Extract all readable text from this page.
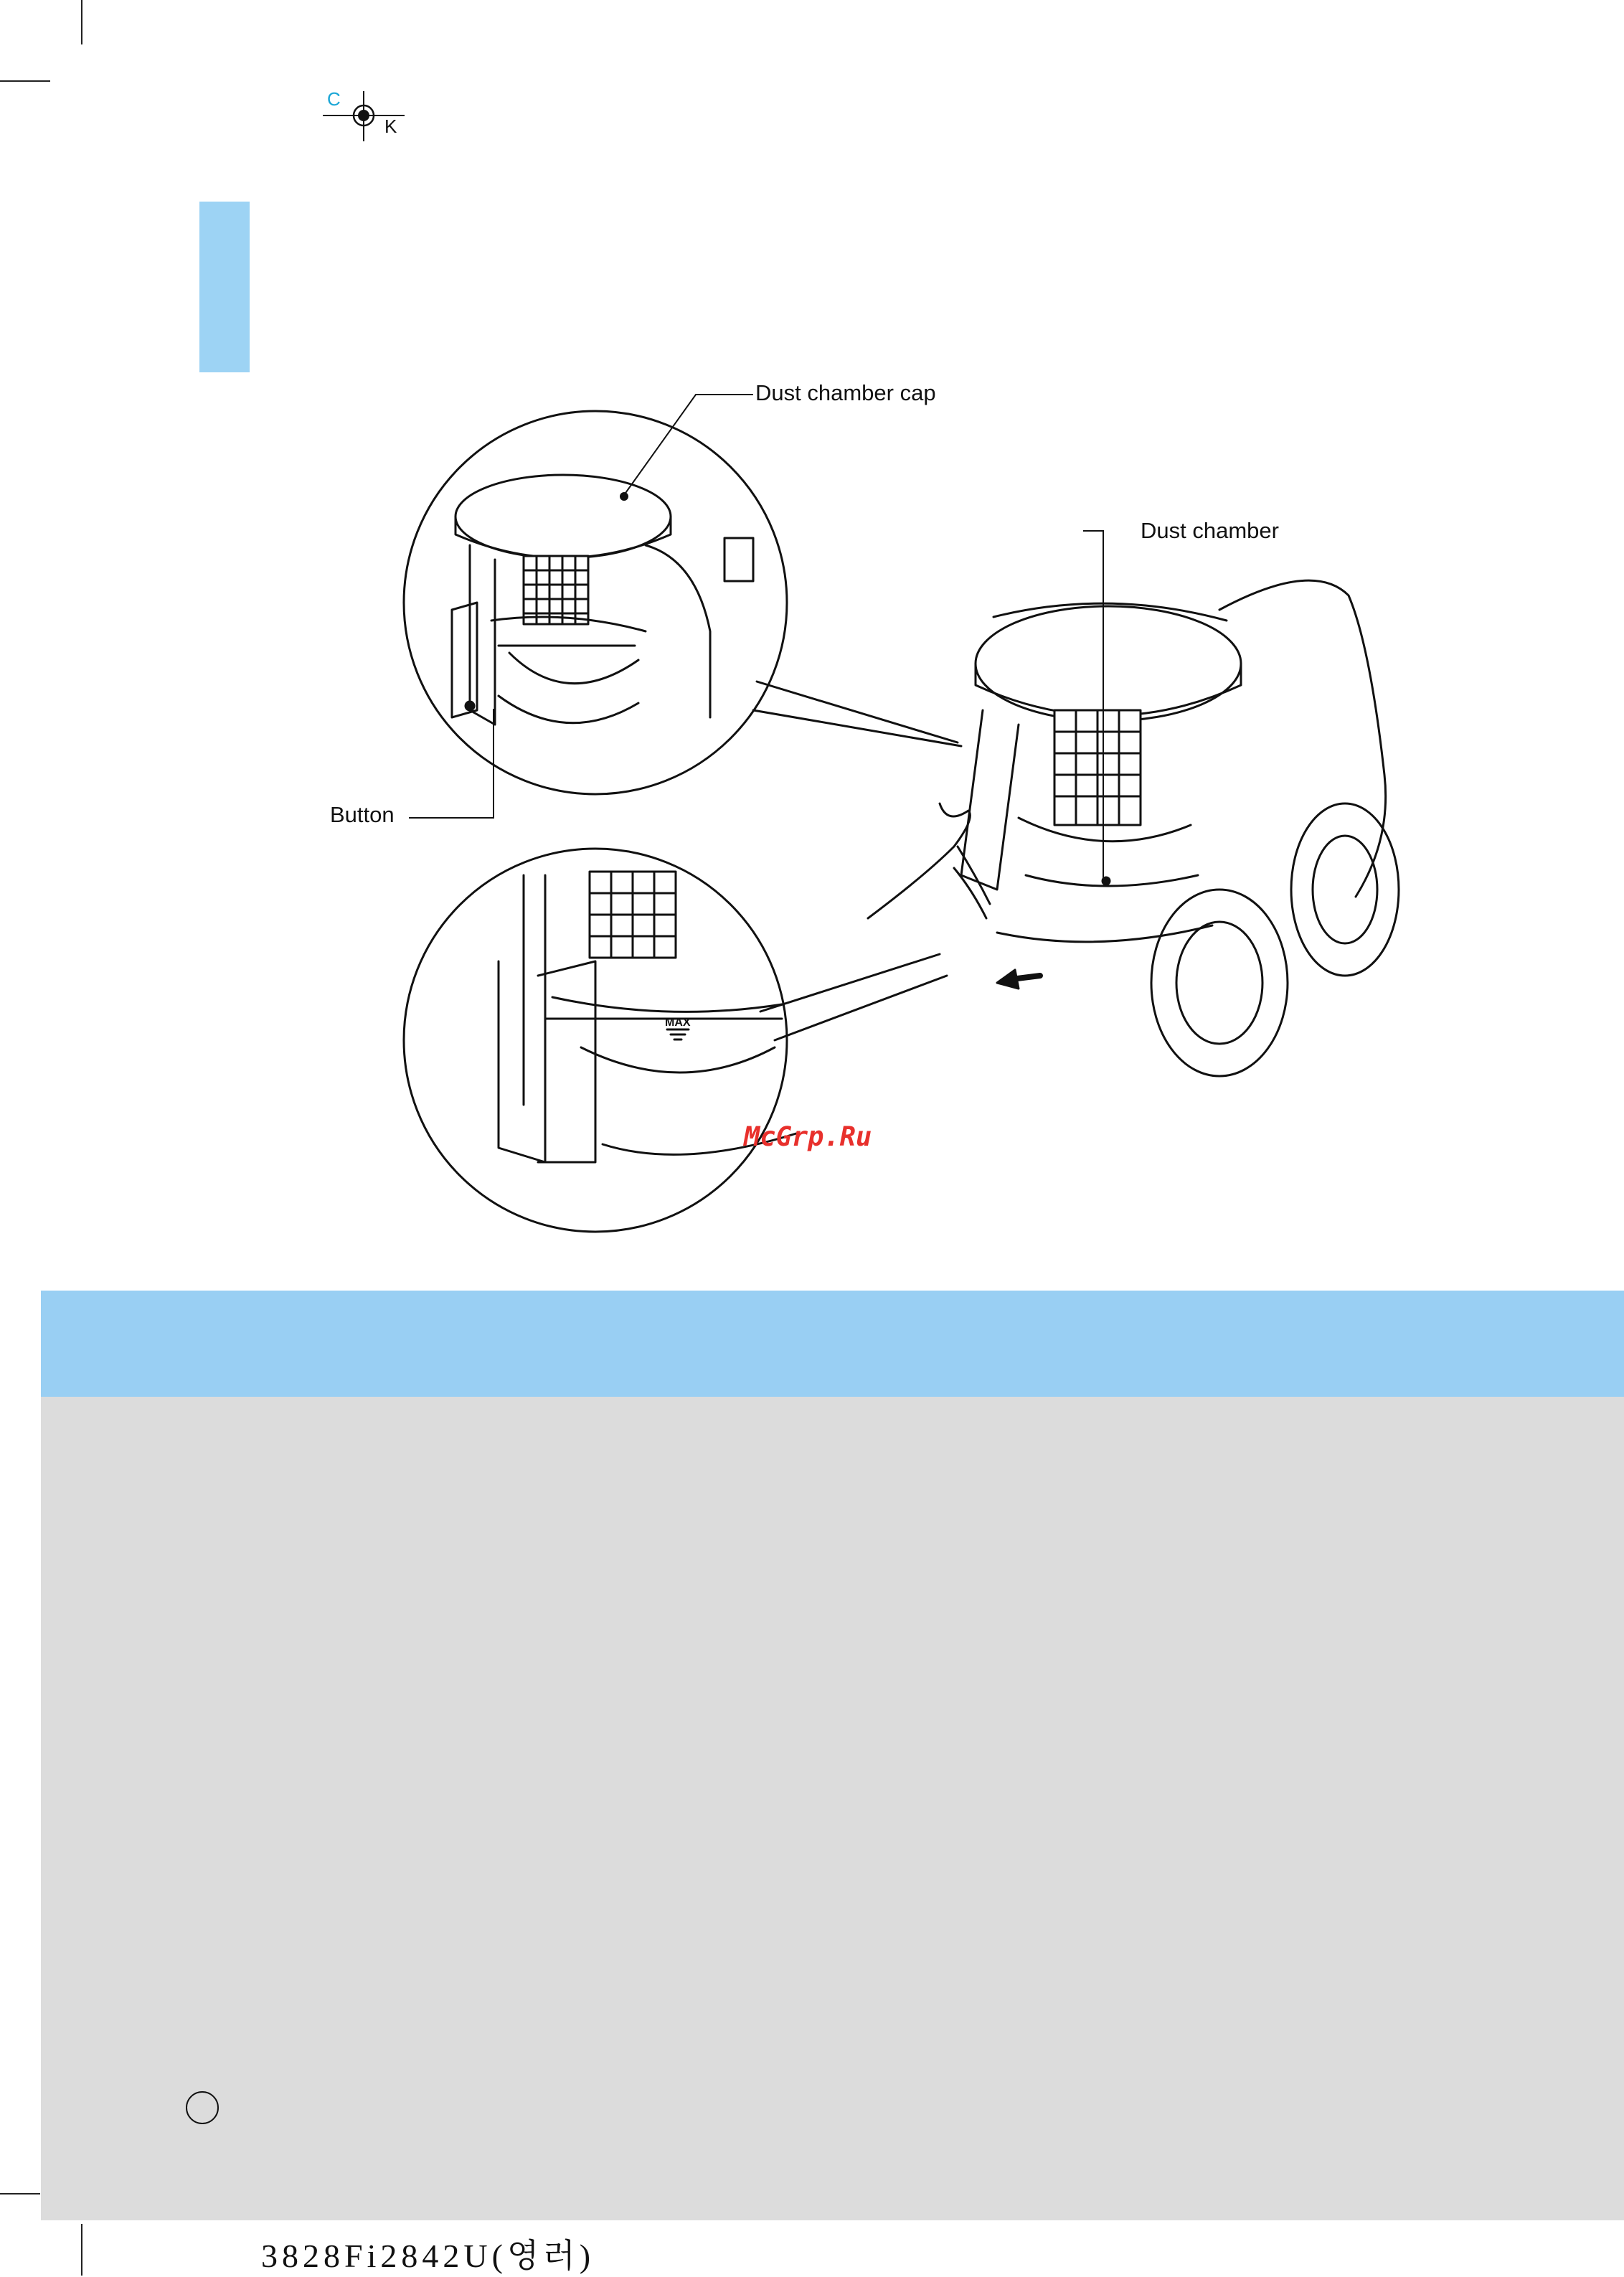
C
K
MAX
Dust chamber cap
Dust chamber
Button
McGrp.Ru
3828Fi2842U(영러)
